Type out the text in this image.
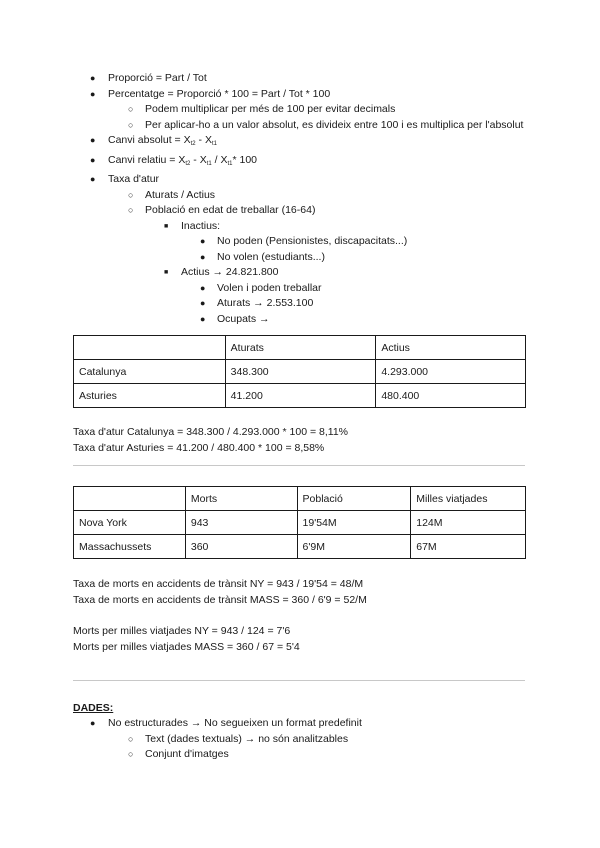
● Proporció = Part / Tot
● Percentatge = Proporció * 100 = Part / Tot * 100
○ Podem multiplicar per més de 100 per evitar decimals
○ Per aplicar-ho a un valor absolut, es divideix entre 100 i es multiplica per l'absolut
● Canvi absolut = $X_{t2} - X_{t1}$
● Canvi relatiu = $X_{t2} - X_{t1} / X_{t1}*$ 100
● Taxa d'atur
○ Aturats / Actius
○ Població en edat de treballar (16-64)
■ Inactius:
● No poden (Pensionistes, discapacitats...)
● No volen (estudiants...)
■ Actius → 24.821.800
● Volen i poden treballar
● Aturats → 2.553.100
● Ocupats →
	Aturats	Actius
Catalunya	348.300	4.293.000
Asturies	41.200	480.400
Taxa d'atur Catalunya = 348.300 / 4.293.000 * 100 = 8,11%
Taxa d'atur Asturies = 41.200 / 480.400 * 100 = 8,58%
	Morts	Població	Milles viatjades
Nova York	943	19'54M	124M
Massachussets	360	6'9M	67M
Taxa de morts en accidents de trànsit NY = 943 / 19'54 = 48/M
Taxa de morts en accidents de trànsit MASS = 360 / 6'9 = 52/M
Morts per milles viatjades NY = 943 / 124 = 7'6
Morts per milles viatjades MASS = 360 / 67 = 5'4
DADES:
● No estructurades → No segueixen un format predefinit
○ Text (dades textuals) → no són analitzables
○ Conjunt d'imatges
